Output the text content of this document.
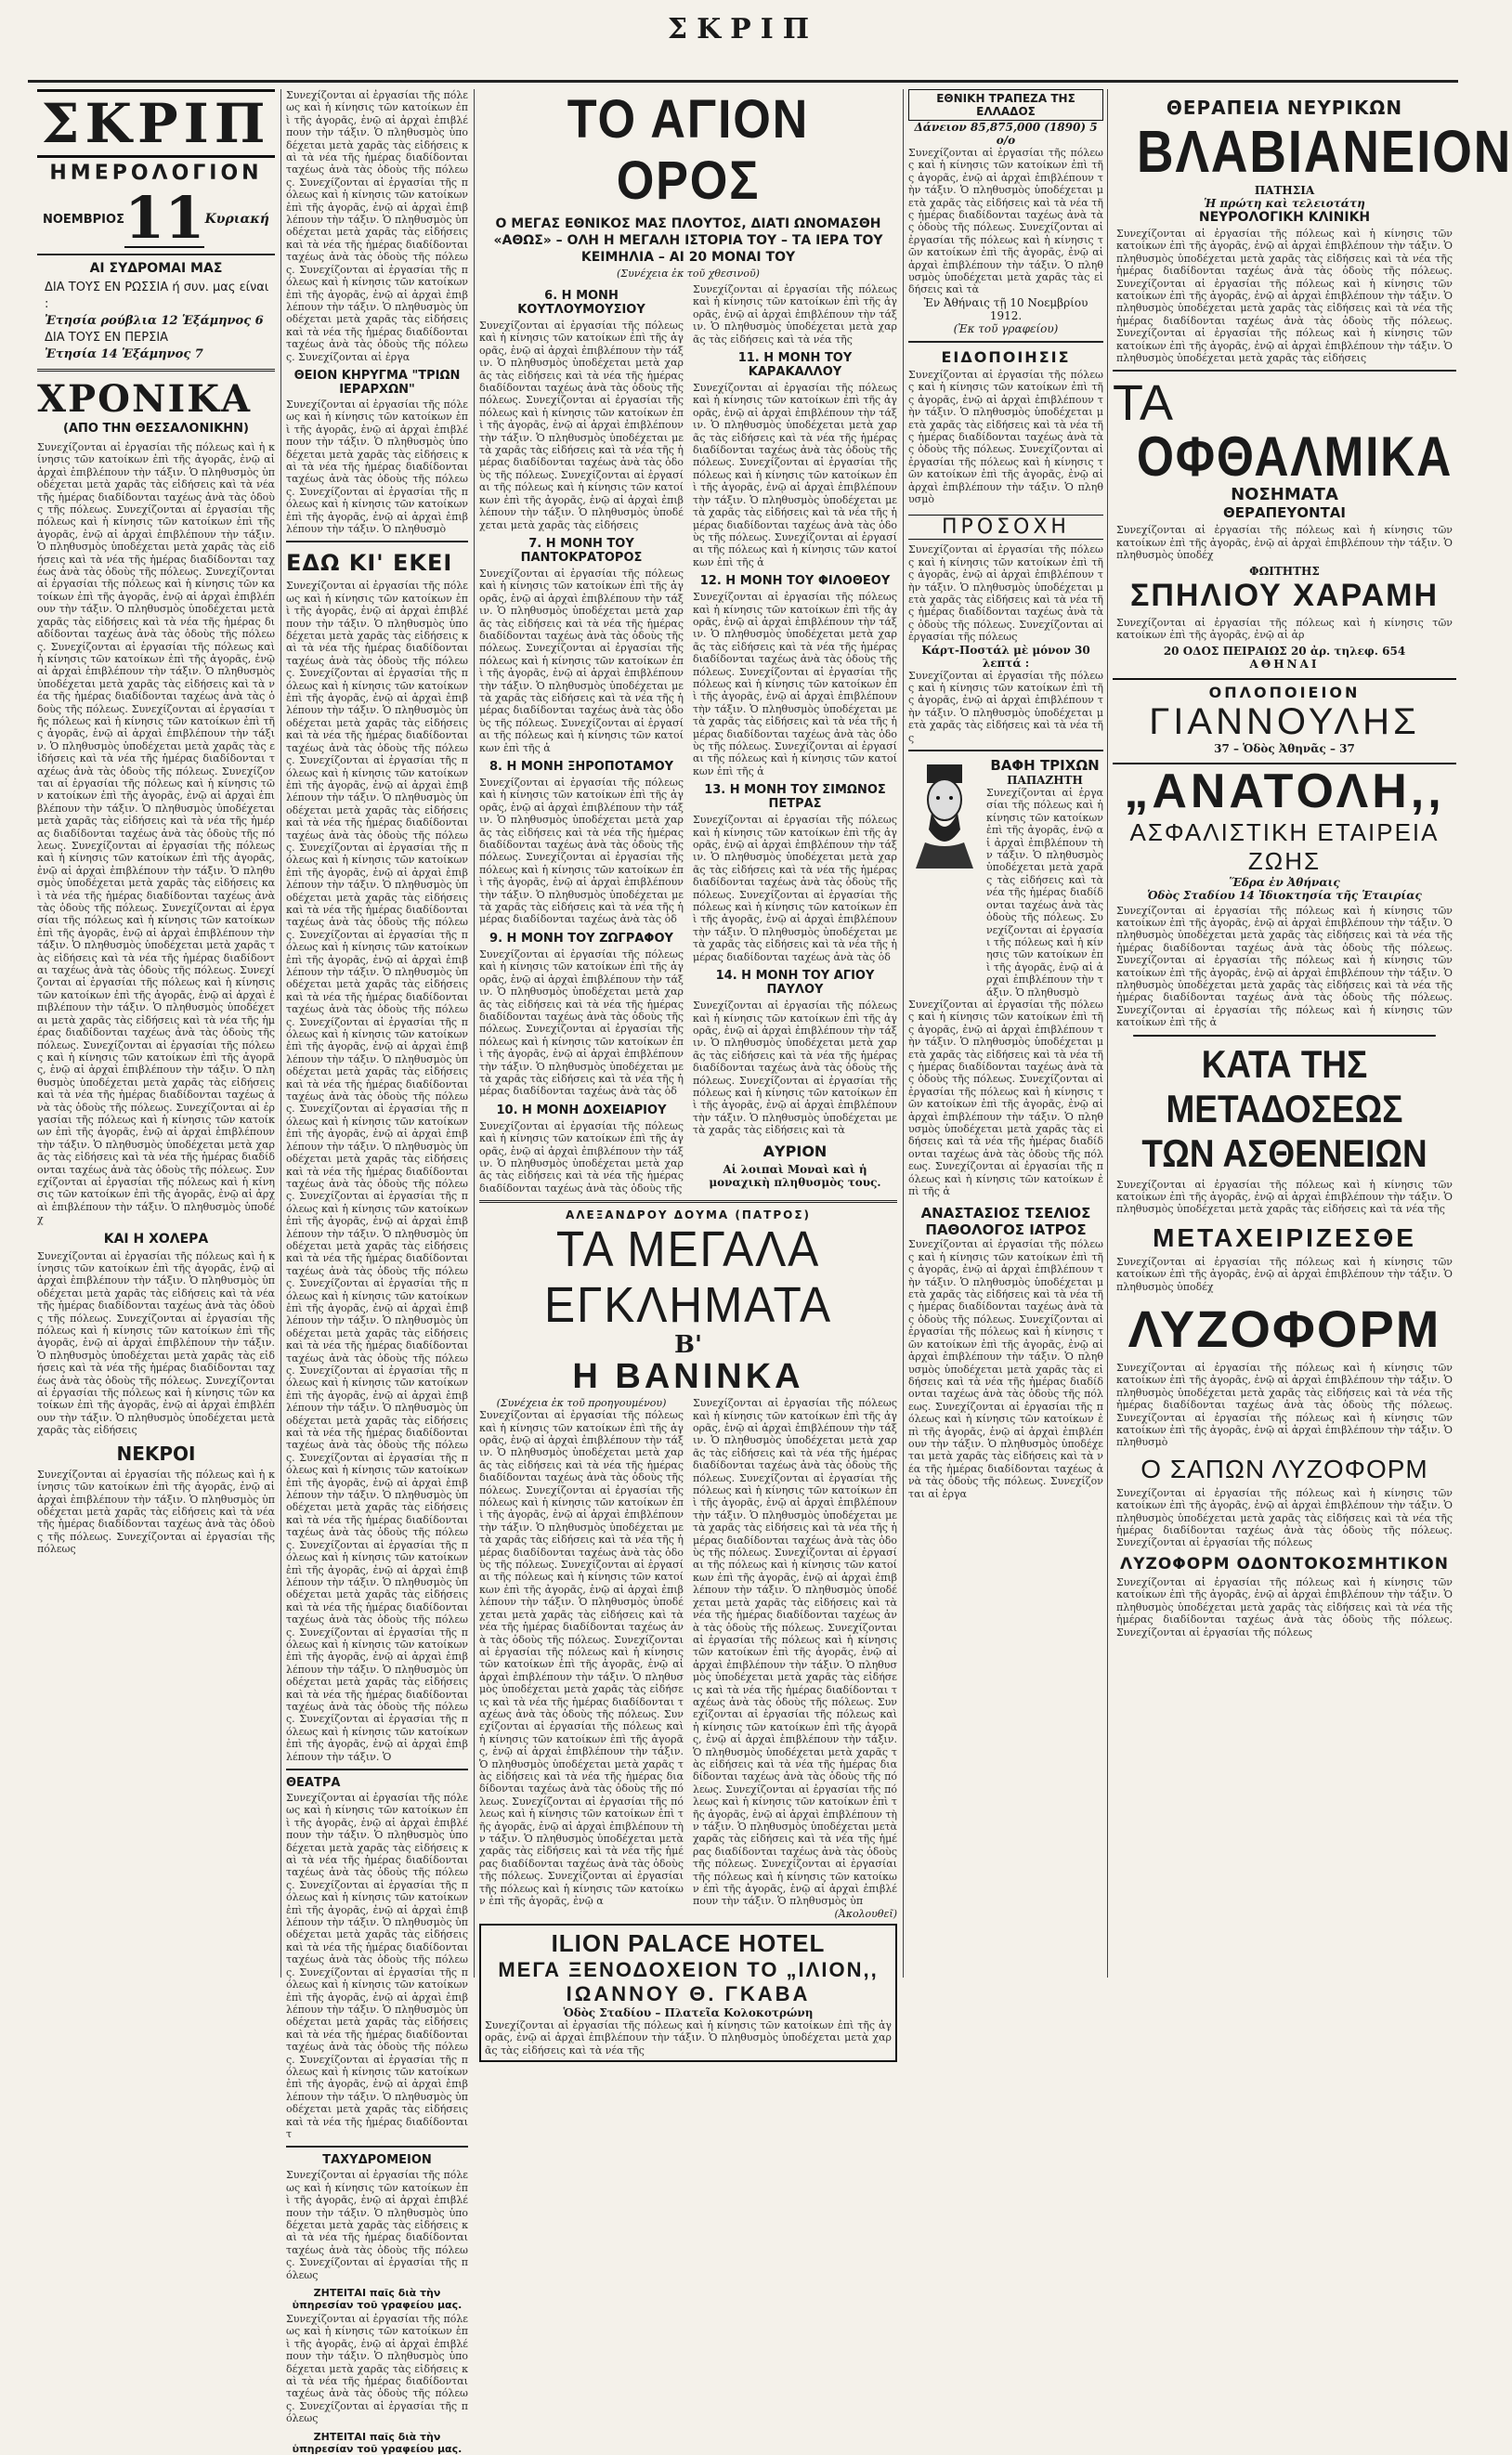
ΣΚΡΙΠ
ΣΚΡΙΠ
ΗΜΕΡΟΛΟΓΙΟΝ
ΝΟΕΜΒΡΙΟΣ 11 Κυριακή
ΑΙ ΣΥΔΡΟΜΑΙ ΜΑΣ
ΔΙΑ ΤΟΥΣ ΕΝ ΡΩΣΣΙΑ ή συν. μας είναι :
Ἐτησία ρούβλια 12 Ἑξάμηνος 6
ΔΙΑ ΤΟΥΣ ΕΝ ΠΕΡΣΙΑ
Ἐτησία 14 Ἑξάμηνος 7
ΧΡΟΝΙΚΑ
(ΑΠΟ ΤΗΝ ΘΕΣΣΑΛΟΝΙΚΗΝ)
Συνεχίζονται αἱ ἐργασίαι τῆς πόλεως καὶ ἡ κίνησις τῶν κατοίκων ἐπὶ τῆς ἀγορᾶς, ἐνῷ αἱ ἀρχαὶ ἐπιβλέπουν τὴν τάξιν. Ὁ πληθυσμὸς ὑποδέχεται μετὰ χαρᾶς τὰς εἰδήσεις καὶ τὰ νέα τῆς ἡμέρας διαδίδονται ταχέως ἀνὰ τὰς ὁδοὺς τῆς πόλεως. Συνεχίζονται αἱ ἐργασίαι τῆς πόλεως καὶ ἡ κίνησις τῶν κατοίκων ἐπὶ τῆς ἀγορᾶς, ἐνῷ αἱ ἀρχαὶ ἐπιβλέπουν τὴν τάξιν. Ὁ πληθυσμὸς ὑποδέχεται μετὰ χαρᾶς τὰς εἰδήσεις καὶ τὰ νέα τῆς ἡμέρας διαδίδονται ταχέως ἀνὰ τὰς ὁδοὺς τῆς πόλεως. Συνεχίζονται αἱ ἐργασίαι τῆς πόλεως καὶ ἡ κίνησις τῶν κατοίκων ἐπὶ τῆς ἀγορᾶς, ἐνῷ αἱ ἀρχαὶ ἐπιβλέπουν τὴν τάξιν. Ὁ πληθυσμὸς ὑποδέχεται μετὰ χαρᾶς τὰς εἰδήσεις καὶ τὰ νέα τῆς ἡμέρας διαδίδονται ταχέως ἀνὰ τὰς ὁδοὺς τῆς πόλεως. Συνεχίζονται αἱ ἐργασίαι τῆς πόλεως καὶ ἡ κίνησις τῶν κατοίκων ἐπὶ τῆς ἀγορᾶς, ἐνῷ αἱ ἀρχαὶ ἐπιβλέπουν τὴν τάξιν. Ὁ πληθυσμὸς ὑποδέχεται μετὰ χαρᾶς τὰς εἰδήσεις καὶ τὰ νέα τῆς ἡμέρας διαδίδονται ταχέως ἀνὰ τὰς ὁδοὺς τῆς πόλεως. Συνεχίζονται αἱ ἐργασίαι τῆς πόλεως καὶ ἡ κίνησις τῶν κατοίκων ἐπὶ τῆς ἀγορᾶς, ἐνῷ αἱ ἀρχαὶ ἐπιβλέπουν τὴν τάξιν. Ὁ πληθυσμὸς ὑποδέχεται μετὰ χαρᾶς τὰς εἰδήσεις καὶ τὰ νέα τῆς ἡμέρας διαδίδονται ταχέως ἀνὰ τὰς ὁδοὺς τῆς πόλεως. Συνεχίζονται αἱ ἐργασίαι τῆς πόλεως καὶ ἡ κίνησις τῶν κατοίκων ἐπὶ τῆς ἀγορᾶς, ἐνῷ αἱ ἀρχαὶ ἐπιβλέπουν τὴν τάξιν. Ὁ πληθυσμὸς ὑποδέχεται μετὰ χαρᾶς τὰς εἰδήσεις καὶ τὰ νέα τῆς ἡμέρας διαδίδονται ταχέως ἀνὰ τὰς ὁδοὺς τῆς πόλεως. Συνεχίζονται αἱ ἐργασίαι τῆς πόλεως καὶ ἡ κίνησις τῶν κατοίκων ἐπὶ τῆς ἀγορᾶς, ἐνῷ αἱ ἀρχαὶ ἐπιβλέπουν τὴν τάξιν. Ὁ πληθυσμὸς ὑποδέχεται μετὰ χαρᾶς τὰς εἰδήσεις καὶ τὰ νέα τῆς ἡμέρας διαδίδονται ταχέως ἀνὰ τὰς ὁδοὺς τῆς πόλεως. Συνεχίζονται αἱ ἐργασίαι τῆς πόλεως καὶ ἡ κίνησις τῶν κατοίκων ἐπὶ τῆς ἀγορᾶς, ἐνῷ αἱ ἀρχαὶ ἐπιβλέπουν τὴν τάξιν. Ὁ πληθυσμὸς ὑποδέχεται μετὰ χαρᾶς τὰς εἰδήσεις καὶ τὰ νέα τῆς ἡμέρας διαδίδονται ταχέως ἀνὰ τὰς ὁδοὺς τῆς πόλεως. Συνεχίζονται αἱ ἐργασίαι τῆς πόλεως καὶ ἡ κίνησις τῶν κατοίκων ἐπὶ τῆς ἀγορᾶς, ἐνῷ αἱ ἀρχαὶ ἐπιβλέπουν τὴν τάξιν. Ὁ πληθυσμὸς ὑποδέχεται μετὰ χαρᾶς τὰς εἰδήσεις καὶ τὰ νέα τῆς ἡμέρας διαδίδονται ταχέως ἀνὰ τὰς ὁδοὺς τῆς πόλεως. Συνεχίζονται αἱ ἐργασίαι τῆς πόλεως καὶ ἡ κίνησις τῶν κατοίκων ἐπὶ τῆς ἀγορᾶς, ἐνῷ αἱ ἀρχαὶ ἐπιβλέπουν τὴν τάξιν. Ὁ πληθυσμὸς ὑποδέχεται μετὰ χαρᾶς τὰς εἰδήσεις καὶ τὰ νέα τῆς ἡμέρας διαδίδονται ταχέως ἀνὰ τὰς ὁδοὺς τῆς πόλεως. Συνεχίζονται αἱ ἐργασίαι τῆς πόλεως καὶ ἡ κίνησις τῶν κατοίκων ἐπὶ τῆς ἀγορᾶς, ἐνῷ αἱ ἀρχαὶ ἐπιβλέπουν τὴν τάξιν. Ὁ πληθυσμὸς ὑποδέχεται μετὰ χαρᾶς τὰς εἰδήσεις καὶ τὰ νέα τῆς ἡμέρας διαδίδονται ταχέως ἀνὰ τὰς ὁδοὺς τῆς πόλεως. Συνεχίζονται αἱ ἐργασίαι τῆς πόλεως καὶ ἡ κίνησις τῶν κατοίκων ἐπὶ τῆς ἀγορᾶς, ἐνῷ αἱ ἀρχαὶ ἐπιβλέπουν τὴν τάξιν. Ὁ πληθυσμὸς ὑποδέχ
ΚΑΙ Η ΧΟΛΕΡΑ
Συνεχίζονται αἱ ἐργασίαι τῆς πόλεως καὶ ἡ κίνησις τῶν κατοίκων ἐπὶ τῆς ἀγορᾶς, ἐνῷ αἱ ἀρχαὶ ἐπιβλέπουν τὴν τάξιν. Ὁ πληθυσμὸς ὑποδέχεται μετὰ χαρᾶς τὰς εἰδήσεις καὶ τὰ νέα τῆς ἡμέρας διαδίδονται ταχέως ἀνὰ τὰς ὁδοὺς τῆς πόλεως. Συνεχίζονται αἱ ἐργασίαι τῆς πόλεως καὶ ἡ κίνησις τῶν κατοίκων ἐπὶ τῆς ἀγορᾶς, ἐνῷ αἱ ἀρχαὶ ἐπιβλέπουν τὴν τάξιν. Ὁ πληθυσμὸς ὑποδέχεται μετὰ χαρᾶς τὰς εἰδήσεις καὶ τὰ νέα τῆς ἡμέρας διαδίδονται ταχέως ἀνὰ τὰς ὁδοὺς τῆς πόλεως. Συνεχίζονται αἱ ἐργασίαι τῆς πόλεως καὶ ἡ κίνησις τῶν κατοίκων ἐπὶ τῆς ἀγορᾶς, ἐνῷ αἱ ἀρχαὶ ἐπιβλέπουν τὴν τάξιν. Ὁ πληθυσμὸς ὑποδέχεται μετὰ χαρᾶς τὰς εἰδήσεις
ΝΕΚΡΟΙ
Συνεχίζονται αἱ ἐργασίαι τῆς πόλεως καὶ ἡ κίνησις τῶν κατοίκων ἐπὶ τῆς ἀγορᾶς, ἐνῷ αἱ ἀρχαὶ ἐπιβλέπουν τὴν τάξιν. Ὁ πληθυσμὸς ὑποδέχεται μετὰ χαρᾶς τὰς εἰδήσεις καὶ τὰ νέα τῆς ἡμέρας διαδίδονται ταχέως ἀνὰ τὰς ὁδοὺς τῆς πόλεως. Συνεχίζονται αἱ ἐργασίαι τῆς πόλεως
Συνεχίζονται αἱ ἐργασίαι τῆς πόλεως καὶ ἡ κίνησις τῶν κατοίκων ἐπὶ τῆς ἀγορᾶς, ἐνῷ αἱ ἀρχαὶ ἐπιβλέπουν τὴν τάξιν. Ὁ πληθυσμὸς ὑποδέχεται μετὰ χαρᾶς τὰς εἰδήσεις καὶ τὰ νέα τῆς ἡμέρας διαδίδονται ταχέως ἀνὰ τὰς ὁδοὺς τῆς πόλεως. Συνεχίζονται αἱ ἐργασίαι τῆς πόλεως καὶ ἡ κίνησις τῶν κατοίκων ἐπὶ τῆς ἀγορᾶς, ἐνῷ αἱ ἀρχαὶ ἐπιβλέπουν τὴν τάξιν. Ὁ πληθυσμὸς ὑποδέχεται μετὰ χαρᾶς τὰς εἰδήσεις καὶ τὰ νέα τῆς ἡμέρας διαδίδονται ταχέως ἀνὰ τὰς ὁδοὺς τῆς πόλεως. Συνεχίζονται αἱ ἐργασίαι τῆς πόλεως καὶ ἡ κίνησις τῶν κατοίκων ἐπὶ τῆς ἀγορᾶς, ἐνῷ αἱ ἀρχαὶ ἐπιβλέπουν τὴν τάξιν. Ὁ πληθυσμὸς ὑποδέχεται μετὰ χαρᾶς τὰς εἰδήσεις καὶ τὰ νέα τῆς ἡμέρας διαδίδονται ταχέως ἀνὰ τὰς ὁδοὺς τῆς πόλεως. Συνεχίζονται αἱ ἐργα
ΘΕΙΟΝ ΚΗΡΥΓΜΑ "ΤΡΙΩΝ ΙΕΡΑΡΧΩΝ"
Συνεχίζονται αἱ ἐργασίαι τῆς πόλεως καὶ ἡ κίνησις τῶν κατοίκων ἐπὶ τῆς ἀγορᾶς, ἐνῷ αἱ ἀρχαὶ ἐπιβλέπουν τὴν τάξιν. Ὁ πληθυσμὸς ὑποδέχεται μετὰ χαρᾶς τὰς εἰδήσεις καὶ τὰ νέα τῆς ἡμέρας διαδίδονται ταχέως ἀνὰ τὰς ὁδοὺς τῆς πόλεως. Συνεχίζονται αἱ ἐργασίαι τῆς πόλεως καὶ ἡ κίνησις τῶν κατοίκων ἐπὶ τῆς ἀγορᾶς, ἐνῷ αἱ ἀρχαὶ ἐπιβλέπουν τὴν τάξιν. Ὁ πληθυσμὸ
ΕΔΩ ΚΙ' ΕΚΕΙ
Συνεχίζονται αἱ ἐργασίαι τῆς πόλεως καὶ ἡ κίνησις τῶν κατοίκων ἐπὶ τῆς ἀγορᾶς, ἐνῷ αἱ ἀρχαὶ ἐπιβλέπουν τὴν τάξιν. Ὁ πληθυσμὸς ὑποδέχεται μετὰ χαρᾶς τὰς εἰδήσεις καὶ τὰ νέα τῆς ἡμέρας διαδίδονται ταχέως ἀνὰ τὰς ὁδοὺς τῆς πόλεως. Συνεχίζονται αἱ ἐργασίαι τῆς πόλεως καὶ ἡ κίνησις τῶν κατοίκων ἐπὶ τῆς ἀγορᾶς, ἐνῷ αἱ ἀρχαὶ ἐπιβλέπουν τὴν τάξιν. Ὁ πληθυσμὸς ὑποδέχεται μετὰ χαρᾶς τὰς εἰδήσεις καὶ τὰ νέα τῆς ἡμέρας διαδίδονται ταχέως ἀνὰ τὰς ὁδοὺς τῆς πόλεως. Συνεχίζονται αἱ ἐργασίαι τῆς πόλεως καὶ ἡ κίνησις τῶν κατοίκων ἐπὶ τῆς ἀγορᾶς, ἐνῷ αἱ ἀρχαὶ ἐπιβλέπουν τὴν τάξιν. Ὁ πληθυσμὸς ὑποδέχεται μετὰ χαρᾶς τὰς εἰδήσεις καὶ τὰ νέα τῆς ἡμέρας διαδίδονται ταχέως ἀνὰ τὰς ὁδοὺς τῆς πόλεως. Συνεχίζονται αἱ ἐργασίαι τῆς πόλεως καὶ ἡ κίνησις τῶν κατοίκων ἐπὶ τῆς ἀγορᾶς, ἐνῷ αἱ ἀρχαὶ ἐπιβλέπουν τὴν τάξιν. Ὁ πληθυσμὸς ὑποδέχεται μετὰ χαρᾶς τὰς εἰδήσεις καὶ τὰ νέα τῆς ἡμέρας διαδίδονται ταχέως ἀνὰ τὰς ὁδοὺς τῆς πόλεως. Συνεχίζονται αἱ ἐργασίαι τῆς πόλεως καὶ ἡ κίνησις τῶν κατοίκων ἐπὶ τῆς ἀγορᾶς, ἐνῷ αἱ ἀρχαὶ ἐπιβλέπουν τὴν τάξιν. Ὁ πληθυσμὸς ὑποδέχεται μετὰ χαρᾶς τὰς εἰδήσεις καὶ τὰ νέα τῆς ἡμέρας διαδίδονται ταχέως ἀνὰ τὰς ὁδοὺς τῆς πόλεως. Συνεχίζονται αἱ ἐργασίαι τῆς πόλεως καὶ ἡ κίνησις τῶν κατοίκων ἐπὶ τῆς ἀγορᾶς, ἐνῷ αἱ ἀρχαὶ ἐπιβλέπουν τὴν τάξιν. Ὁ πληθυσμὸς ὑποδέχεται μετὰ χαρᾶς τὰς εἰδήσεις καὶ τὰ νέα τῆς ἡμέρας διαδίδονται ταχέως ἀνὰ τὰς ὁδοὺς τῆς πόλεως. Συνεχίζονται αἱ ἐργασίαι τῆς πόλεως καὶ ἡ κίνησις τῶν κατοίκων ἐπὶ τῆς ἀγορᾶς, ἐνῷ αἱ ἀρχαὶ ἐπιβλέπουν τὴν τάξιν. Ὁ πληθυσμὸς ὑποδέχεται μετὰ χαρᾶς τὰς εἰδήσεις καὶ τὰ νέα τῆς ἡμέρας διαδίδονται ταχέως ἀνὰ τὰς ὁδοὺς τῆς πόλεως. Συνεχίζονται αἱ ἐργασίαι τῆς πόλεως καὶ ἡ κίνησις τῶν κατοίκων ἐπὶ τῆς ἀγορᾶς, ἐνῷ αἱ ἀρχαὶ ἐπιβλέπουν τὴν τάξιν. Ὁ πληθυσμὸς ὑποδέχεται μετὰ χαρᾶς τὰς εἰδήσεις καὶ τὰ νέα τῆς ἡμέρας διαδίδονται ταχέως ἀνὰ τὰς ὁδοὺς τῆς πόλεως. Συνεχίζονται αἱ ἐργασίαι τῆς πόλεως καὶ ἡ κίνησις τῶν κατοίκων ἐπὶ τῆς ἀγορᾶς, ἐνῷ αἱ ἀρχαὶ ἐπιβλέπουν τὴν τάξιν. Ὁ πληθυσμὸς ὑποδέχεται μετὰ χαρᾶς τὰς εἰδήσεις καὶ τὰ νέα τῆς ἡμέρας διαδίδονται ταχέως ἀνὰ τὰς ὁδοὺς τῆς πόλεως. Συνεχίζονται αἱ ἐργασίαι τῆς πόλεως καὶ ἡ κίνησις τῶν κατοίκων ἐπὶ τῆς ἀγορᾶς, ἐνῷ αἱ ἀρχαὶ ἐπιβλέπουν τὴν τάξιν. Ὁ πληθυσμὸς ὑποδέχεται μετὰ χαρᾶς τὰς εἰδήσεις καὶ τὰ νέα τῆς ἡμέρας διαδίδονται ταχέως ἀνὰ τὰς ὁδοὺς τῆς πόλεως. Συνεχίζονται αἱ ἐργασίαι τῆς πόλεως καὶ ἡ κίνησις τῶν κατοίκων ἐπὶ τῆς ἀγορᾶς, ἐνῷ αἱ ἀρχαὶ ἐπιβλέπουν τὴν τάξιν. Ὁ πληθυσμὸς ὑποδέχεται μετὰ χαρᾶς τὰς εἰδήσεις καὶ τὰ νέα τῆς ἡμέρας διαδίδονται ταχέως ἀνὰ τὰς ὁδοὺς τῆς πόλεως. Συνεχίζονται αἱ ἐργασίαι τῆς πόλεως καὶ ἡ κίνησις τῶν κατοίκων ἐπὶ τῆς ἀγορᾶς, ἐνῷ αἱ ἀρχαὶ ἐπιβλέπουν τὴν τάξιν. Ὁ πληθυσμὸς ὑποδέχεται μετὰ χαρᾶς τὰς εἰδήσεις καὶ τὰ νέα τῆς ἡμέρας διαδίδονται ταχέως ἀνὰ τὰς ὁδοὺς τῆς πόλεως. Συνεχίζονται αἱ ἐργασίαι τῆς πόλεως καὶ ἡ κίνησις τῶν κατοίκων ἐπὶ τῆς ἀγορᾶς, ἐνῷ αἱ ἀρχαὶ ἐπιβλέπουν τὴν τάξιν. Ὁ πληθυσμὸς ὑποδέχεται μετὰ χαρᾶς τὰς εἰδήσεις καὶ τὰ νέα τῆς ἡμέρας διαδίδονται ταχέως ἀνὰ τὰς ὁδοὺς τῆς πόλεως. Συνεχίζονται αἱ ἐργασίαι τῆς πόλεως καὶ ἡ κίνησις τῶν κατοίκων ἐπὶ τῆς ἀγορᾶς, ἐνῷ αἱ ἀρχαὶ ἐπιβλέπουν τὴν τάξιν. Ὁ
ΘΕΑΤΡΑ
Συνεχίζονται αἱ ἐργασίαι τῆς πόλεως καὶ ἡ κίνησις τῶν κατοίκων ἐπὶ τῆς ἀγορᾶς, ἐνῷ αἱ ἀρχαὶ ἐπιβλέπουν τὴν τάξιν. Ὁ πληθυσμὸς ὑποδέχεται μετὰ χαρᾶς τὰς εἰδήσεις καὶ τὰ νέα τῆς ἡμέρας διαδίδονται ταχέως ἀνὰ τὰς ὁδοὺς τῆς πόλεως. Συνεχίζονται αἱ ἐργασίαι τῆς πόλεως καὶ ἡ κίνησις τῶν κατοίκων ἐπὶ τῆς ἀγορᾶς, ἐνῷ αἱ ἀρχαὶ ἐπιβλέπουν τὴν τάξιν. Ὁ πληθυσμὸς ὑποδέχεται μετὰ χαρᾶς τὰς εἰδήσεις καὶ τὰ νέα τῆς ἡμέρας διαδίδονται ταχέως ἀνὰ τὰς ὁδοὺς τῆς πόλεως. Συνεχίζονται αἱ ἐργασίαι τῆς πόλεως καὶ ἡ κίνησις τῶν κατοίκων ἐπὶ τῆς ἀγορᾶς, ἐνῷ αἱ ἀρχαὶ ἐπιβλέπουν τὴν τάξιν. Ὁ πληθυσμὸς ὑποδέχεται μετὰ χαρᾶς τὰς εἰδήσεις καὶ τὰ νέα τῆς ἡμέρας διαδίδονται ταχέως ἀνὰ τὰς ὁδοὺς τῆς πόλεως. Συνεχίζονται αἱ ἐργασίαι τῆς πόλεως καὶ ἡ κίνησις τῶν κατοίκων ἐπὶ τῆς ἀγορᾶς, ἐνῷ αἱ ἀρχαὶ ἐπιβλέπουν τὴν τάξιν. Ὁ πληθυσμὸς ὑποδέχεται μετὰ χαρᾶς τὰς εἰδήσεις καὶ τὰ νέα τῆς ἡμέρας διαδίδονται τ
ΤΑΧΥΔΡΟΜΕΙΟΝ
Συνεχίζονται αἱ ἐργασίαι τῆς πόλεως καὶ ἡ κίνησις τῶν κατοίκων ἐπὶ τῆς ἀγορᾶς, ἐνῷ αἱ ἀρχαὶ ἐπιβλέπουν τὴν τάξιν. Ὁ πληθυσμὸς ὑποδέχεται μετὰ χαρᾶς τὰς εἰδήσεις καὶ τὰ νέα τῆς ἡμέρας διαδίδονται ταχέως ἀνὰ τὰς ὁδοὺς τῆς πόλεως. Συνεχίζονται αἱ ἐργασίαι τῆς πόλεως
ΖΗΤΕΙΤΑΙ παῖς διὰ τὴν ὑπηρεσίαν τοῦ γραφείου μας.
Συνεχίζονται αἱ ἐργασίαι τῆς πόλεως καὶ ἡ κίνησις τῶν κατοίκων ἐπὶ τῆς ἀγορᾶς, ἐνῷ αἱ ἀρχαὶ ἐπιβλέπουν τὴν τάξιν. Ὁ πληθυσμὸς ὑποδέχεται μετὰ χαρᾶς τὰς εἰδήσεις καὶ τὰ νέα τῆς ἡμέρας διαδίδονται ταχέως ἀνὰ τὰς ὁδοὺς τῆς πόλεως. Συνεχίζονται αἱ ἐργασίαι τῆς πόλεως
ΖΗΤΕΙΤΑΙ παῖς διὰ τὴν ὑπηρεσίαν τοῦ γραφείου μας.
ΤΟ ΑΓΙΟΝ ΟΡΟΣ
Ο ΜΕΓΑΣ ΕΘΝΙΚΟΣ ΜΑΣ ΠΛΟΥΤΟΣ, ΔΙΑΤΙ ΩΝΟΜΑΣΘΗ «ΑΘΩΣ» – ΟΛΗ Η ΜΕΓΑΛΗ ΙΣΤΟΡΙΑ ΤΟΥ – ΤΑ ΙΕΡΑ ΤΟΥ ΚΕΙΜΗΛΙΑ – ΑΙ 20 ΜΟΝΑΙ ΤΟΥ
(Συνέχεια ἐκ τοῦ χθεσινοῦ)
6. Η ΜΟΝΗ ΚΟΥΤΛΟΥΜΟΥΣΙΟΥ
Συνεχίζονται αἱ ἐργασίαι τῆς πόλεως καὶ ἡ κίνησις τῶν κατοίκων ἐπὶ τῆς ἀγορᾶς, ἐνῷ αἱ ἀρχαὶ ἐπιβλέπουν τὴν τάξιν. Ὁ πληθυσμὸς ὑποδέχεται μετὰ χαρᾶς τὰς εἰδήσεις καὶ τὰ νέα τῆς ἡμέρας διαδίδονται ταχέως ἀνὰ τὰς ὁδοὺς τῆς πόλεως. Συνεχίζονται αἱ ἐργασίαι τῆς πόλεως καὶ ἡ κίνησις τῶν κατοίκων ἐπὶ τῆς ἀγορᾶς, ἐνῷ αἱ ἀρχαὶ ἐπιβλέπουν τὴν τάξιν. Ὁ πληθυσμὸς ὑποδέχεται μετὰ χαρᾶς τὰς εἰδήσεις καὶ τὰ νέα τῆς ἡμέρας διαδίδονται ταχέως ἀνὰ τὰς ὁδοὺς τῆς πόλεως. Συνεχίζονται αἱ ἐργασίαι τῆς πόλεως καὶ ἡ κίνησις τῶν κατοίκων ἐπὶ τῆς ἀγορᾶς, ἐνῷ αἱ ἀρχαὶ ἐπιβλέπουν τὴν τάξιν. Ὁ πληθυσμὸς ὑποδέχεται μετὰ χαρᾶς τὰς εἰδήσεις
7. Η ΜΟΝΗ ΤΟΥ ΠΑΝΤΟΚΡΑΤΟΡΟΣ
Συνεχίζονται αἱ ἐργασίαι τῆς πόλεως καὶ ἡ κίνησις τῶν κατοίκων ἐπὶ τῆς ἀγορᾶς, ἐνῷ αἱ ἀρχαὶ ἐπιβλέπουν τὴν τάξιν. Ὁ πληθυσμὸς ὑποδέχεται μετὰ χαρᾶς τὰς εἰδήσεις καὶ τὰ νέα τῆς ἡμέρας διαδίδονται ταχέως ἀνὰ τὰς ὁδοὺς τῆς πόλεως. Συνεχίζονται αἱ ἐργασίαι τῆς πόλεως καὶ ἡ κίνησις τῶν κατοίκων ἐπὶ τῆς ἀγορᾶς, ἐνῷ αἱ ἀρχαὶ ἐπιβλέπουν τὴν τάξιν. Ὁ πληθυσμὸς ὑποδέχεται μετὰ χαρᾶς τὰς εἰδήσεις καὶ τὰ νέα τῆς ἡμέρας διαδίδονται ταχέως ἀνὰ τὰς ὁδοὺς τῆς πόλεως. Συνεχίζονται αἱ ἐργασίαι τῆς πόλεως καὶ ἡ κίνησις τῶν κατοίκων ἐπὶ τῆς ἀ
8. Η ΜΟΝΗ ΞΗΡΟΠΟΤΑΜΟΥ
Συνεχίζονται αἱ ἐργασίαι τῆς πόλεως καὶ ἡ κίνησις τῶν κατοίκων ἐπὶ τῆς ἀγορᾶς, ἐνῷ αἱ ἀρχαὶ ἐπιβλέπουν τὴν τάξιν. Ὁ πληθυσμὸς ὑποδέχεται μετὰ χαρᾶς τὰς εἰδήσεις καὶ τὰ νέα τῆς ἡμέρας διαδίδονται ταχέως ἀνὰ τὰς ὁδοὺς τῆς πόλεως. Συνεχίζονται αἱ ἐργασίαι τῆς πόλεως καὶ ἡ κίνησις τῶν κατοίκων ἐπὶ τῆς ἀγορᾶς, ἐνῷ αἱ ἀρχαὶ ἐπιβλέπουν τὴν τάξιν. Ὁ πληθυσμὸς ὑποδέχεται μετὰ χαρᾶς τὰς εἰδήσεις καὶ τὰ νέα τῆς ἡμέρας διαδίδονται ταχέως ἀνὰ τὰς ὁδ
9. Η ΜΟΝΗ ΤΟΥ ΖΩΓΡΑΦΟΥ
Συνεχίζονται αἱ ἐργασίαι τῆς πόλεως καὶ ἡ κίνησις τῶν κατοίκων ἐπὶ τῆς ἀγορᾶς, ἐνῷ αἱ ἀρχαὶ ἐπιβλέπουν τὴν τάξιν. Ὁ πληθυσμὸς ὑποδέχεται μετὰ χαρᾶς τὰς εἰδήσεις καὶ τὰ νέα τῆς ἡμέρας διαδίδονται ταχέως ἀνὰ τὰς ὁδοὺς τῆς πόλεως. Συνεχίζονται αἱ ἐργασίαι τῆς πόλεως καὶ ἡ κίνησις τῶν κατοίκων ἐπὶ τῆς ἀγορᾶς, ἐνῷ αἱ ἀρχαὶ ἐπιβλέπουν τὴν τάξιν. Ὁ πληθυσμὸς ὑποδέχεται μετὰ χαρᾶς τὰς εἰδήσεις καὶ τὰ νέα τῆς ἡμέρας διαδίδονται ταχέως ἀνὰ τὰς ὁδ
10. Η ΜΟΝΗ ΔΟΧΕΙΑΡΙΟΥ
Συνεχίζονται αἱ ἐργασίαι τῆς πόλεως καὶ ἡ κίνησις τῶν κατοίκων ἐπὶ τῆς ἀγορᾶς, ἐνῷ αἱ ἀρχαὶ ἐπιβλέπουν τὴν τάξιν. Ὁ πληθυσμὸς ὑποδέχεται μετὰ χαρᾶς τὰς εἰδήσεις καὶ τὰ νέα τῆς ἡμέρας διαδίδονται ταχέως ἀνὰ τὰς ὁδοὺς τῆς
Συνεχίζονται αἱ ἐργασίαι τῆς πόλεως καὶ ἡ κίνησις τῶν κατοίκων ἐπὶ τῆς ἀγορᾶς, ἐνῷ αἱ ἀρχαὶ ἐπιβλέπουν τὴν τάξιν. Ὁ πληθυσμὸς ὑποδέχεται μετὰ χαρᾶς τὰς εἰδήσεις καὶ τὰ νέα τῆς
11. Η ΜΟΝΗ ΤΟΥ ΚΑΡΑΚΑΛΛΟΥ
Συνεχίζονται αἱ ἐργασίαι τῆς πόλεως καὶ ἡ κίνησις τῶν κατοίκων ἐπὶ τῆς ἀγορᾶς, ἐνῷ αἱ ἀρχαὶ ἐπιβλέπουν τὴν τάξιν. Ὁ πληθυσμὸς ὑποδέχεται μετὰ χαρᾶς τὰς εἰδήσεις καὶ τὰ νέα τῆς ἡμέρας διαδίδονται ταχέως ἀνὰ τὰς ὁδοὺς τῆς πόλεως. Συνεχίζονται αἱ ἐργασίαι τῆς πόλεως καὶ ἡ κίνησις τῶν κατοίκων ἐπὶ τῆς ἀγορᾶς, ἐνῷ αἱ ἀρχαὶ ἐπιβλέπουν τὴν τάξιν. Ὁ πληθυσμὸς ὑποδέχεται μετὰ χαρᾶς τὰς εἰδήσεις καὶ τὰ νέα τῆς ἡμέρας διαδίδονται ταχέως ἀνὰ τὰς ὁδοὺς τῆς πόλεως. Συνεχίζονται αἱ ἐργασίαι τῆς πόλεως καὶ ἡ κίνησις τῶν κατοίκων ἐπὶ τῆς ἀ
12. Η ΜΟΝΗ ΤΟΥ ΦΙΛΟΘΕΟΥ
Συνεχίζονται αἱ ἐργασίαι τῆς πόλεως καὶ ἡ κίνησις τῶν κατοίκων ἐπὶ τῆς ἀγορᾶς, ἐνῷ αἱ ἀρχαὶ ἐπιβλέπουν τὴν τάξιν. Ὁ πληθυσμὸς ὑποδέχεται μετὰ χαρᾶς τὰς εἰδήσεις καὶ τὰ νέα τῆς ἡμέρας διαδίδονται ταχέως ἀνὰ τὰς ὁδοὺς τῆς πόλεως. Συνεχίζονται αἱ ἐργασίαι τῆς πόλεως καὶ ἡ κίνησις τῶν κατοίκων ἐπὶ τῆς ἀγορᾶς, ἐνῷ αἱ ἀρχαὶ ἐπιβλέπουν τὴν τάξιν. Ὁ πληθυσμὸς ὑποδέχεται μετὰ χαρᾶς τὰς εἰδήσεις καὶ τὰ νέα τῆς ἡμέρας διαδίδονται ταχέως ἀνὰ τὰς ὁδοὺς τῆς πόλεως. Συνεχίζονται αἱ ἐργασίαι τῆς πόλεως καὶ ἡ κίνησις τῶν κατοίκων ἐπὶ τῆς ἀ
13. Η ΜΟΝΗ ΤΟΥ ΣΙΜΩΝΟΣ ΠΕΤΡΑΣ
Συνεχίζονται αἱ ἐργασίαι τῆς πόλεως καὶ ἡ κίνησις τῶν κατοίκων ἐπὶ τῆς ἀγορᾶς, ἐνῷ αἱ ἀρχαὶ ἐπιβλέπουν τὴν τάξιν. Ὁ πληθυσμὸς ὑποδέχεται μετὰ χαρᾶς τὰς εἰδήσεις καὶ τὰ νέα τῆς ἡμέρας διαδίδονται ταχέως ἀνὰ τὰς ὁδοὺς τῆς πόλεως. Συνεχίζονται αἱ ἐργασίαι τῆς πόλεως καὶ ἡ κίνησις τῶν κατοίκων ἐπὶ τῆς ἀγορᾶς, ἐνῷ αἱ ἀρχαὶ ἐπιβλέπουν τὴν τάξιν. Ὁ πληθυσμὸς ὑποδέχεται μετὰ χαρᾶς τὰς εἰδήσεις καὶ τὰ νέα τῆς ἡμέρας διαδίδονται ταχέως ἀνὰ τὰς ὁδ
14. Η ΜΟΝΗ ΤΟΥ ΑΓΙΟΥ ΠΑΥΛΟΥ
Συνεχίζονται αἱ ἐργασίαι τῆς πόλεως καὶ ἡ κίνησις τῶν κατοίκων ἐπὶ τῆς ἀγορᾶς, ἐνῷ αἱ ἀρχαὶ ἐπιβλέπουν τὴν τάξιν. Ὁ πληθυσμὸς ὑποδέχεται μετὰ χαρᾶς τὰς εἰδήσεις καὶ τὰ νέα τῆς ἡμέρας διαδίδονται ταχέως ἀνὰ τὰς ὁδοὺς τῆς πόλεως. Συνεχίζονται αἱ ἐργασίαι τῆς πόλεως καὶ ἡ κίνησις τῶν κατοίκων ἐπὶ τῆς ἀγορᾶς, ἐνῷ αἱ ἀρχαὶ ἐπιβλέπουν τὴν τάξιν. Ὁ πληθυσμὸς ὑποδέχεται μετὰ χαρᾶς τὰς εἰδήσεις καὶ τὰ
ΑΥΡΙΟΝ
Αἱ λοιπαὶ Μοναὶ καὶ ἡ μοναχικὴ πληθυσμὸς τους.
ΑΛΕΞΑΝΔΡΟΥ ΔΟΥΜΑ (ΠΑΤΡΟΣ)
ΤΑ ΜΕΓΑΛΑ ΕΓΚΛΗΜΑΤΑ
Β'
Η ΒΑΝΙΝΚΑ
(Συνέχεια ἐκ τοῦ προηγουμένου)
Συνεχίζονται αἱ ἐργασίαι τῆς πόλεως καὶ ἡ κίνησις τῶν κατοίκων ἐπὶ τῆς ἀγορᾶς, ἐνῷ αἱ ἀρχαὶ ἐπιβλέπουν τὴν τάξιν. Ὁ πληθυσμὸς ὑποδέχεται μετὰ χαρᾶς τὰς εἰδήσεις καὶ τὰ νέα τῆς ἡμέρας διαδίδονται ταχέως ἀνὰ τὰς ὁδοὺς τῆς πόλεως. Συνεχίζονται αἱ ἐργασίαι τῆς πόλεως καὶ ἡ κίνησις τῶν κατοίκων ἐπὶ τῆς ἀγορᾶς, ἐνῷ αἱ ἀρχαὶ ἐπιβλέπουν τὴν τάξιν. Ὁ πληθυσμὸς ὑποδέχεται μετὰ χαρᾶς τὰς εἰδήσεις καὶ τὰ νέα τῆς ἡμέρας διαδίδονται ταχέως ἀνὰ τὰς ὁδοὺς τῆς πόλεως. Συνεχίζονται αἱ ἐργασίαι τῆς πόλεως καὶ ἡ κίνησις τῶν κατοίκων ἐπὶ τῆς ἀγορᾶς, ἐνῷ αἱ ἀρχαὶ ἐπιβλέπουν τὴν τάξιν. Ὁ πληθυσμὸς ὑποδέχεται μετὰ χαρᾶς τὰς εἰδήσεις καὶ τὰ νέα τῆς ἡμέρας διαδίδονται ταχέως ἀνὰ τὰς ὁδοὺς τῆς πόλεως. Συνεχίζονται αἱ ἐργασίαι τῆς πόλεως καὶ ἡ κίνησις τῶν κατοίκων ἐπὶ τῆς ἀγορᾶς, ἐνῷ αἱ ἀρχαὶ ἐπιβλέπουν τὴν τάξιν. Ὁ πληθυσμὸς ὑποδέχεται μετὰ χαρᾶς τὰς εἰδήσεις καὶ τὰ νέα τῆς ἡμέρας διαδίδονται ταχέως ἀνὰ τὰς ὁδοὺς τῆς πόλεως. Συνεχίζονται αἱ ἐργασίαι τῆς πόλεως καὶ ἡ κίνησις τῶν κατοίκων ἐπὶ τῆς ἀγορᾶς, ἐνῷ αἱ ἀρχαὶ ἐπιβλέπουν τὴν τάξιν. Ὁ πληθυσμὸς ὑποδέχεται μετὰ χαρᾶς τὰς εἰδήσεις καὶ τὰ νέα τῆς ἡμέρας διαδίδονται ταχέως ἀνὰ τὰς ὁδοὺς τῆς πόλεως. Συνεχίζονται αἱ ἐργασίαι τῆς πόλεως καὶ ἡ κίνησις τῶν κατοίκων ἐπὶ τῆς ἀγορᾶς, ἐνῷ αἱ ἀρχαὶ ἐπιβλέπουν τὴν τάξιν. Ὁ πληθυσμὸς ὑποδέχεται μετὰ χαρᾶς τὰς εἰδήσεις καὶ τὰ νέα τῆς ἡμέρας διαδίδονται ταχέως ἀνὰ τὰς ὁδοὺς τῆς πόλεως. Συνεχίζονται αἱ ἐργασίαι τῆς πόλεως καὶ ἡ κίνησις τῶν κατοίκων ἐπὶ τῆς ἀγορᾶς, ἐνῷ α
Συνεχίζονται αἱ ἐργασίαι τῆς πόλεως καὶ ἡ κίνησις τῶν κατοίκων ἐπὶ τῆς ἀγορᾶς, ἐνῷ αἱ ἀρχαὶ ἐπιβλέπουν τὴν τάξιν. Ὁ πληθυσμὸς ὑποδέχεται μετὰ χαρᾶς τὰς εἰδήσεις καὶ τὰ νέα τῆς ἡμέρας διαδίδονται ταχέως ἀνὰ τὰς ὁδοὺς τῆς πόλεως. Συνεχίζονται αἱ ἐργασίαι τῆς πόλεως καὶ ἡ κίνησις τῶν κατοίκων ἐπὶ τῆς ἀγορᾶς, ἐνῷ αἱ ἀρχαὶ ἐπιβλέπουν τὴν τάξιν. Ὁ πληθυσμὸς ὑποδέχεται μετὰ χαρᾶς τὰς εἰδήσεις καὶ τὰ νέα τῆς ἡμέρας διαδίδονται ταχέως ἀνὰ τὰς ὁδοὺς τῆς πόλεως. Συνεχίζονται αἱ ἐργασίαι τῆς πόλεως καὶ ἡ κίνησις τῶν κατοίκων ἐπὶ τῆς ἀγορᾶς, ἐνῷ αἱ ἀρχαὶ ἐπιβλέπουν τὴν τάξιν. Ὁ πληθυσμὸς ὑποδέχεται μετὰ χαρᾶς τὰς εἰδήσεις καὶ τὰ νέα τῆς ἡμέρας διαδίδονται ταχέως ἀνὰ τὰς ὁδοὺς τῆς πόλεως. Συνεχίζονται αἱ ἐργασίαι τῆς πόλεως καὶ ἡ κίνησις τῶν κατοίκων ἐπὶ τῆς ἀγορᾶς, ἐνῷ αἱ ἀρχαὶ ἐπιβλέπουν τὴν τάξιν. Ὁ πληθυσμὸς ὑποδέχεται μετὰ χαρᾶς τὰς εἰδήσεις καὶ τὰ νέα τῆς ἡμέρας διαδίδονται ταχέως ἀνὰ τὰς ὁδοὺς τῆς πόλεως. Συνεχίζονται αἱ ἐργασίαι τῆς πόλεως καὶ ἡ κίνησις τῶν κατοίκων ἐπὶ τῆς ἀγορᾶς, ἐνῷ αἱ ἀρχαὶ ἐπιβλέπουν τὴν τάξιν. Ὁ πληθυσμὸς ὑποδέχεται μετὰ χαρᾶς τὰς εἰδήσεις καὶ τὰ νέα τῆς ἡμέρας διαδίδονται ταχέως ἀνὰ τὰς ὁδοὺς τῆς πόλεως. Συνεχίζονται αἱ ἐργασίαι τῆς πόλεως καὶ ἡ κίνησις τῶν κατοίκων ἐπὶ τῆς ἀγορᾶς, ἐνῷ αἱ ἀρχαὶ ἐπιβλέπουν τὴν τάξιν. Ὁ πληθυσμὸς ὑποδέχεται μετὰ χαρᾶς τὰς εἰδήσεις καὶ τὰ νέα τῆς ἡμέρας διαδίδονται ταχέως ἀνὰ τὰς ὁδοὺς τῆς πόλεως. Συνεχίζονται αἱ ἐργασίαι τῆς πόλεως καὶ ἡ κίνησις τῶν κατοίκων ἐπὶ τῆς ἀγορᾶς, ἐνῷ αἱ ἀρχαὶ ἐπιβλέπουν τὴν τάξιν. Ὁ πληθυσμὸς ὑπ
(Ἀκολουθεῖ)
ILION PALACE HOTEL
ΜΕΓΑ ΞΕΝΟΔΟΧΕΙΟΝ ΤΟ „ΙΛΙΟΝ,,
ΙΩΑΝΝΟΥ Θ. ΓΚΑΒΑ
Ὁδὸς Σταδίου – Πλατεῖα Κολοκοτρώνη
Συνεχίζονται αἱ ἐργασίαι τῆς πόλεως καὶ ἡ κίνησις τῶν κατοίκων ἐπὶ τῆς ἀγορᾶς, ἐνῷ αἱ ἀρχαὶ ἐπιβλέπουν τὴν τάξιν. Ὁ πληθυσμὸς ὑποδέχεται μετὰ χαρᾶς τὰς εἰδήσεις καὶ τὰ νέα τῆς
ΕΘΝΙΚΗ ΤΡΑΠΕΖΑ ΤΗΣ ΕΛΛΑΔΟΣ
Δάνειον 85,875,000 (1890) 5 ο/ο
Συνεχίζονται αἱ ἐργασίαι τῆς πόλεως καὶ ἡ κίνησις τῶν κατοίκων ἐπὶ τῆς ἀγορᾶς, ἐνῷ αἱ ἀρχαὶ ἐπιβλέπουν τὴν τάξιν. Ὁ πληθυσμὸς ὑποδέχεται μετὰ χαρᾶς τὰς εἰδήσεις καὶ τὰ νέα τῆς ἡμέρας διαδίδονται ταχέως ἀνὰ τὰς ὁδοὺς τῆς πόλεως. Συνεχίζονται αἱ ἐργασίαι τῆς πόλεως καὶ ἡ κίνησις τῶν κατοίκων ἐπὶ τῆς ἀγορᾶς, ἐνῷ αἱ ἀρχαὶ ἐπιβλέπουν τὴν τάξιν. Ὁ πληθυσμὸς ὑποδέχεται μετὰ χαρᾶς τὰς εἰδήσεις καὶ τὰ
Ἐν Ἀθήναις τῇ 10 Νοεμβρίου 1912.
(Ἐκ τοῦ γραφείου)
ΕΙΔΟΠΟΙΗΣΙΣ
Συνεχίζονται αἱ ἐργασίαι τῆς πόλεως καὶ ἡ κίνησις τῶν κατοίκων ἐπὶ τῆς ἀγορᾶς, ἐνῷ αἱ ἀρχαὶ ἐπιβλέπουν τὴν τάξιν. Ὁ πληθυσμὸς ὑποδέχεται μετὰ χαρᾶς τὰς εἰδήσεις καὶ τὰ νέα τῆς ἡμέρας διαδίδονται ταχέως ἀνὰ τὰς ὁδοὺς τῆς πόλεως. Συνεχίζονται αἱ ἐργασίαι τῆς πόλεως καὶ ἡ κίνησις τῶν κατοίκων ἐπὶ τῆς ἀγορᾶς, ἐνῷ αἱ ἀρχαὶ ἐπιβλέπουν τὴν τάξιν. Ὁ πληθυσμὸ
ΠΡΟΣΟΧΗ
Συνεχίζονται αἱ ἐργασίαι τῆς πόλεως καὶ ἡ κίνησις τῶν κατοίκων ἐπὶ τῆς ἀγορᾶς, ἐνῷ αἱ ἀρχαὶ ἐπιβλέπουν τὴν τάξιν. Ὁ πληθυσμὸς ὑποδέχεται μετὰ χαρᾶς τὰς εἰδήσεις καὶ τὰ νέα τῆς ἡμέρας διαδίδονται ταχέως ἀνὰ τὰς ὁδοὺς τῆς πόλεως. Συνεχίζονται αἱ ἐργασίαι τῆς πόλεως
Κάρτ-Ποστάλ μὲ μόνον 30 λεπτά :
Συνεχίζονται αἱ ἐργασίαι τῆς πόλεως καὶ ἡ κίνησις τῶν κατοίκων ἐπὶ τῆς ἀγορᾶς, ἐνῷ αἱ ἀρχαὶ ἐπιβλέπουν τὴν τάξιν. Ὁ πληθυσμὸς ὑποδέχεται μετὰ χαρᾶς τὰς εἰδήσεις καὶ τὰ νέα τῆς
ΒΑΦΗ ΤΡΙΧΩΝ
ΠΑΠΑΖΗΤΗ
Συνεχίζονται αἱ ἐργασίαι τῆς πόλεως καὶ ἡ κίνησις τῶν κατοίκων ἐπὶ τῆς ἀγορᾶς, ἐνῷ αἱ ἀρχαὶ ἐπιβλέπουν τὴν τάξιν. Ὁ πληθυσμὸς ὑποδέχεται μετὰ χαρᾶς τὰς εἰδήσεις καὶ τὰ νέα τῆς ἡμέρας διαδίδονται ταχέως ἀνὰ τὰς ὁδοὺς τῆς πόλεως. Συνεχίζονται αἱ ἐργασίαι τῆς πόλεως καὶ ἡ κίνησις τῶν κατοίκων ἐπὶ τῆς ἀγορᾶς, ἐνῷ αἱ ἀρχαὶ ἐπιβλέπουν τὴν τάξιν. Ὁ πληθυσμὸ
Συνεχίζονται αἱ ἐργασίαι τῆς πόλεως καὶ ἡ κίνησις τῶν κατοίκων ἐπὶ τῆς ἀγορᾶς, ἐνῷ αἱ ἀρχαὶ ἐπιβλέπουν τὴν τάξιν. Ὁ πληθυσμὸς ὑποδέχεται μετὰ χαρᾶς τὰς εἰδήσεις καὶ τὰ νέα τῆς ἡμέρας διαδίδονται ταχέως ἀνὰ τὰς ὁδοὺς τῆς πόλεως. Συνεχίζονται αἱ ἐργασίαι τῆς πόλεως καὶ ἡ κίνησις τῶν κατοίκων ἐπὶ τῆς ἀγορᾶς, ἐνῷ αἱ ἀρχαὶ ἐπιβλέπουν τὴν τάξιν. Ὁ πληθυσμὸς ὑποδέχεται μετὰ χαρᾶς τὰς εἰδήσεις καὶ τὰ νέα τῆς ἡμέρας διαδίδονται ταχέως ἀνὰ τὰς ὁδοὺς τῆς πόλεως. Συνεχίζονται αἱ ἐργασίαι τῆς πόλεως καὶ ἡ κίνησις τῶν κατοίκων ἐπὶ τῆς ἀ
ΑΝΑΣΤΑΣΙΟΣ ΤΣΕΛΙΟΣ
ΠΑΘΟΛΟΓΟΣ ΙΑΤΡΟΣ
Συνεχίζονται αἱ ἐργασίαι τῆς πόλεως καὶ ἡ κίνησις τῶν κατοίκων ἐπὶ τῆς ἀγορᾶς, ἐνῷ αἱ ἀρχαὶ ἐπιβλέπουν τὴν τάξιν. Ὁ πληθυσμὸς ὑποδέχεται μετὰ χαρᾶς τὰς εἰδήσεις καὶ τὰ νέα τῆς ἡμέρας διαδίδονται ταχέως ἀνὰ τὰς ὁδοὺς τῆς πόλεως. Συνεχίζονται αἱ ἐργασίαι τῆς πόλεως καὶ ἡ κίνησις τῶν κατοίκων ἐπὶ τῆς ἀγορᾶς, ἐνῷ αἱ ἀρχαὶ ἐπιβλέπουν τὴν τάξιν. Ὁ πληθυσμὸς ὑποδέχεται μετὰ χαρᾶς τὰς εἰδήσεις καὶ τὰ νέα τῆς ἡμέρας διαδίδονται ταχέως ἀνὰ τὰς ὁδοὺς τῆς πόλεως. Συνεχίζονται αἱ ἐργασίαι τῆς πόλεως καὶ ἡ κίνησις τῶν κατοίκων ἐπὶ τῆς ἀγορᾶς, ἐνῷ αἱ ἀρχαὶ ἐπιβλέπουν τὴν τάξιν. Ὁ πληθυσμὸς ὑποδέχεται μετὰ χαρᾶς τὰς εἰδήσεις καὶ τὰ νέα τῆς ἡμέρας διαδίδονται ταχέως ἀνὰ τὰς ὁδοὺς τῆς πόλεως. Συνεχίζονται αἱ ἐργα
ΘΕΡΑΠΕΙΑ ΝΕΥΡΙΚΩΝ
ΒΛΑΒΙΑΝΕΙΟΝ
ΠΑΤΗΣΙΑ
Ἡ πρώτη καὶ τελειοτάτη
ΝΕΥΡΟΛΟΓΙΚΗ ΚΛΙΝΙΚΗ
Συνεχίζονται αἱ ἐργασίαι τῆς πόλεως καὶ ἡ κίνησις τῶν κατοίκων ἐπὶ τῆς ἀγορᾶς, ἐνῷ αἱ ἀρχαὶ ἐπιβλέπουν τὴν τάξιν. Ὁ πληθυσμὸς ὑποδέχεται μετὰ χαρᾶς τὰς εἰδήσεις καὶ τὰ νέα τῆς ἡμέρας διαδίδονται ταχέως ἀνὰ τὰς ὁδοὺς τῆς πόλεως. Συνεχίζονται αἱ ἐργασίαι τῆς πόλεως καὶ ἡ κίνησις τῶν κατοίκων ἐπὶ τῆς ἀγορᾶς, ἐνῷ αἱ ἀρχαὶ ἐπιβλέπουν τὴν τάξιν. Ὁ πληθυσμὸς ὑποδέχεται μετὰ χαρᾶς τὰς εἰδήσεις καὶ τὰ νέα τῆς ἡμέρας διαδίδονται ταχέως ἀνὰ τὰς ὁδοὺς τῆς πόλεως. Συνεχίζονται αἱ ἐργασίαι τῆς πόλεως καὶ ἡ κίνησις τῶν κατοίκων ἐπὶ τῆς ἀγορᾶς, ἐνῷ αἱ ἀρχαὶ ἐπιβλέπουν τὴν τάξιν. Ὁ πληθυσμὸς ὑποδέχεται μετὰ χαρᾶς τὰς εἰδήσεις
ΤΑ
ΟΦΘΑΛΜΙΚΑ
ΝΟΣΗΜΑΤΑ
ΘΕΡΑΠΕΥΟΝΤΑΙ
Συνεχίζονται αἱ ἐργασίαι τῆς πόλεως καὶ ἡ κίνησις τῶν κατοίκων ἐπὶ τῆς ἀγορᾶς, ἐνῷ αἱ ἀρχαὶ ἐπιβλέπουν τὴν τάξιν. Ὁ πληθυσμὸς ὑποδέχ
ΦΩΙΤΗΤΗΣ
ΣΠΗΛΙΟΥ ΧΑΡΑΜΗ
Συνεχίζονται αἱ ἐργασίαι τῆς πόλεως καὶ ἡ κίνησις τῶν κατοίκων ἐπὶ τῆς ἀγορᾶς, ἐνῷ αἱ ἀρ
20 ΟΔΟΣ ΠΕΙΡΑΙΩΣ 20 ἀρ. τηλεφ. 654
ΑΘΗΝΑΙ
ΟΠΛΟΠΟΙΕΙΟΝ
ΓΙΑΝΝΟΥΛΗΣ
37 – Ὁδὸς Ἀθηνᾶς – 37
„ΑΝΑΤΟΛΗ,,
ΑΣΦΑΛΙΣΤΙΚΗ ΕΤΑΙΡΕΙΑ ΖΩΗΣ
Ἕδρα ἐν Ἀθήναις
Ὁδὸς Σταδίου 14 Ἰδιοκτησία τῆς Ἑταιρίας
Συνεχίζονται αἱ ἐργασίαι τῆς πόλεως καὶ ἡ κίνησις τῶν κατοίκων ἐπὶ τῆς ἀγορᾶς, ἐνῷ αἱ ἀρχαὶ ἐπιβλέπουν τὴν τάξιν. Ὁ πληθυσμὸς ὑποδέχεται μετὰ χαρᾶς τὰς εἰδήσεις καὶ τὰ νέα τῆς ἡμέρας διαδίδονται ταχέως ἀνὰ τὰς ὁδοὺς τῆς πόλεως. Συνεχίζονται αἱ ἐργασίαι τῆς πόλεως καὶ ἡ κίνησις τῶν κατοίκων ἐπὶ τῆς ἀγορᾶς, ἐνῷ αἱ ἀρχαὶ ἐπιβλέπουν τὴν τάξιν. Ὁ πληθυσμὸς ὑποδέχεται μετὰ χαρᾶς τὰς εἰδήσεις καὶ τὰ νέα τῆς ἡμέρας διαδίδονται ταχέως ἀνὰ τὰς ὁδοὺς τῆς πόλεως. Συνεχίζονται αἱ ἐργασίαι τῆς πόλεως καὶ ἡ κίνησις τῶν κατοίκων ἐπὶ τῆς ἀ
ΚΑΤΑ ΤΗΣ ΜΕΤΑΔΟΣΕΩΣ ΤΩΝ ΑΣΘΕΝΕΙΩΝ
Συνεχίζονται αἱ ἐργασίαι τῆς πόλεως καὶ ἡ κίνησις τῶν κατοίκων ἐπὶ τῆς ἀγορᾶς, ἐνῷ αἱ ἀρχαὶ ἐπιβλέπουν τὴν τάξιν. Ὁ πληθυσμὸς ὑποδέχεται μετὰ χαρᾶς τὰς εἰδήσεις καὶ τὰ νέα τῆς
ΜΕΤΑΧΕΙΡΙΖΕΣΘΕ
Συνεχίζονται αἱ ἐργασίαι τῆς πόλεως καὶ ἡ κίνησις τῶν κατοίκων ἐπὶ τῆς ἀγορᾶς, ἐνῷ αἱ ἀρχαὶ ἐπιβλέπουν τὴν τάξιν. Ὁ πληθυσμὸς ὑποδέχ
ΛΥΖΟΦΟΡΜ
Συνεχίζονται αἱ ἐργασίαι τῆς πόλεως καὶ ἡ κίνησις τῶν κατοίκων ἐπὶ τῆς ἀγορᾶς, ἐνῷ αἱ ἀρχαὶ ἐπιβλέπουν τὴν τάξιν. Ὁ πληθυσμὸς ὑποδέχεται μετὰ χαρᾶς τὰς εἰδήσεις καὶ τὰ νέα τῆς ἡμέρας διαδίδονται ταχέως ἀνὰ τὰς ὁδοὺς τῆς πόλεως. Συνεχίζονται αἱ ἐργασίαι τῆς πόλεως καὶ ἡ κίνησις τῶν κατοίκων ἐπὶ τῆς ἀγορᾶς, ἐνῷ αἱ ἀρχαὶ ἐπιβλέπουν τὴν τάξιν. Ὁ πληθυσμὸ
Ο ΣΑΠΩΝ ΛΥΖΟΦΟΡΜ
Συνεχίζονται αἱ ἐργασίαι τῆς πόλεως καὶ ἡ κίνησις τῶν κατοίκων ἐπὶ τῆς ἀγορᾶς, ἐνῷ αἱ ἀρχαὶ ἐπιβλέπουν τὴν τάξιν. Ὁ πληθυσμὸς ὑποδέχεται μετὰ χαρᾶς τὰς εἰδήσεις καὶ τὰ νέα τῆς ἡμέρας διαδίδονται ταχέως ἀνὰ τὰς ὁδοὺς τῆς πόλεως. Συνεχίζονται αἱ ἐργασίαι τῆς πόλεως
ΛΥΖΟΦΟΡΜ ΟΔΟΝΤΟΚΟΣΜΗΤΙΚΟΝ
Συνεχίζονται αἱ ἐργασίαι τῆς πόλεως καὶ ἡ κίνησις τῶν κατοίκων ἐπὶ τῆς ἀγορᾶς, ἐνῷ αἱ ἀρχαὶ ἐπιβλέπουν τὴν τάξιν. Ὁ πληθυσμὸς ὑποδέχεται μετὰ χαρᾶς τὰς εἰδήσεις καὶ τὰ νέα τῆς ἡμέρας διαδίδονται ταχέως ἀνὰ τὰς ὁδοὺς τῆς πόλεως. Συνεχίζονται αἱ ἐργασίαι τῆς πόλεως
